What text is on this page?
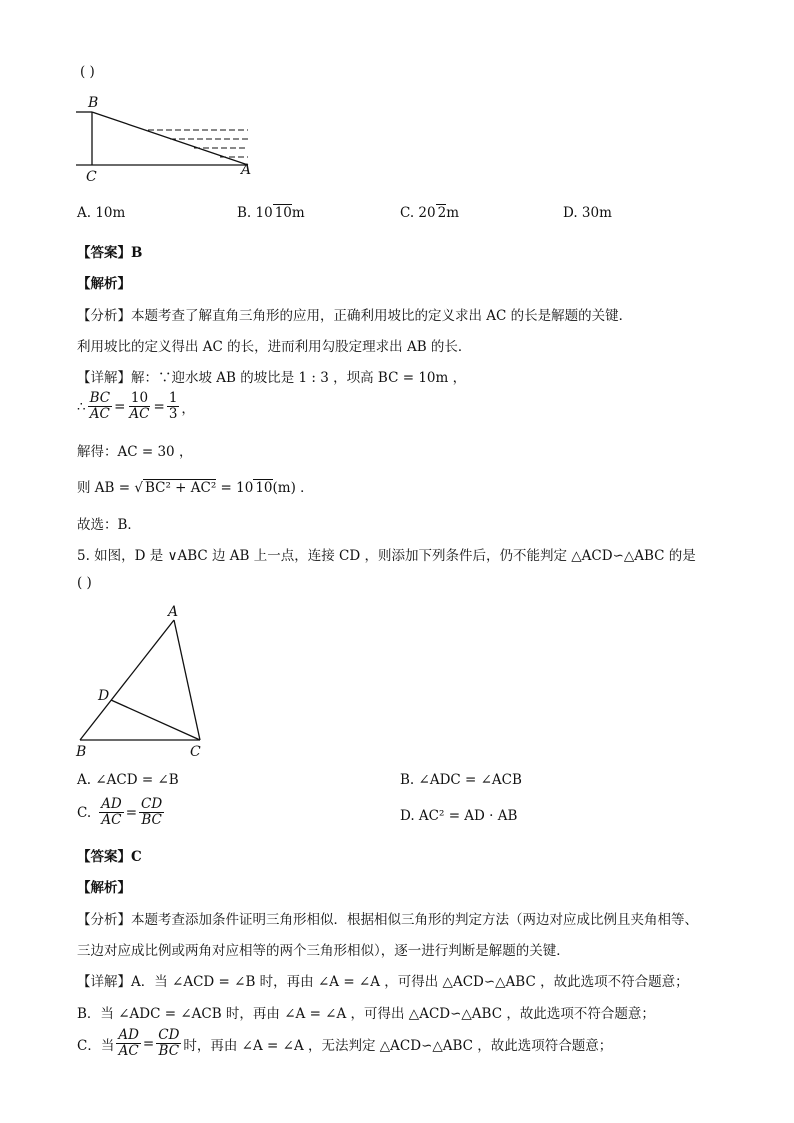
( )
B
C	A
A. 10m	B. 10 10m	C. 20 2m	D. 30m
【答案】B
【解析】
【分析】本题考查了解直角三角形的应用，正确利用坡比的定义求出 AC 的长是解题的关键．
利用坡比的定义得出 AC 的长，进而利用勾股定理求出 AB 的长．
【详解】解：∵迎水坡 AB 的坡比是 1 : 3 ，坝高 BC = 10m ，
∴ $\frac{BC}{AC} = \frac{10}{AC} = \frac{1}{3}$ ，
解得：AC = 30 ，
则 AB = √ BC² + AC² = 10 10(m) ．
故选：B．
5. 如图，D 是 ∨ABC 边 AB 上一点，连接 CD ，则添加下列条件后，仍不能判定 △ACD∽△ABC 的是
( )
A
D
B	C
A. ∠ACD = ∠B	B. ∠ADC = ∠ACB
C. $\frac{AD}{AC} = \frac{CD}{BC}$	D. AC² = AD · AB
【答案】C
【解析】
【分析】本题考查添加条件证明三角形相似．根据相似三角形的判定方法（两边对应成比例且夹角相等、
三边对应成比例或两角对应相等的两个三角形相似），逐一进行判断是解题的关键．
【详解】A．当 ∠ACD = ∠B 时，再由 ∠A = ∠A ，可得出 △ACD∽△ABC ，故此选项不符合题意；
B．当 ∠ADC = ∠ACB 时，再由 ∠A = ∠A ，可得出 △ACD∽△ABC ，故此选项不符合题意；
C．当 $\frac{AD}{AC} = \frac{CD}{BC}$ 时，再由 ∠A = ∠A ，无法判定 △ACD∽△ABC ，故此选项符合题意；
